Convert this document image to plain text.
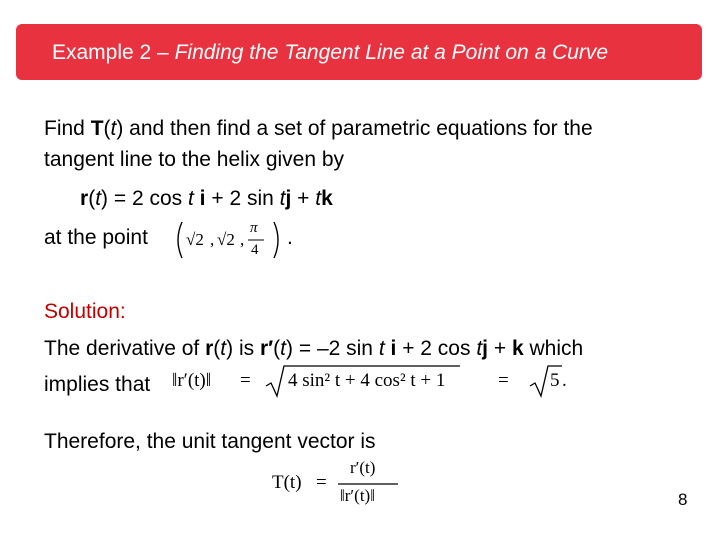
Example 2 – Finding the Tangent Line at a Point on a Curve
Find T(t) and then find a set of parametric equations for the
tangent line to the helix given by
r(t) = 2 cos t i + 2 sin tj + tk
at the point √2 , √2 ,
π
4
.
Solution:
The derivative of r(t) is r′(t) = –2 sin t i + 2 cos tj + k which
implies that ‖r′(t)‖ = 4 sin² t + 4 cos² t + 1	= 5 .
Therefore, the unit tangent vector is
T(t) =
r′(t)
‖r′(t)‖	8
